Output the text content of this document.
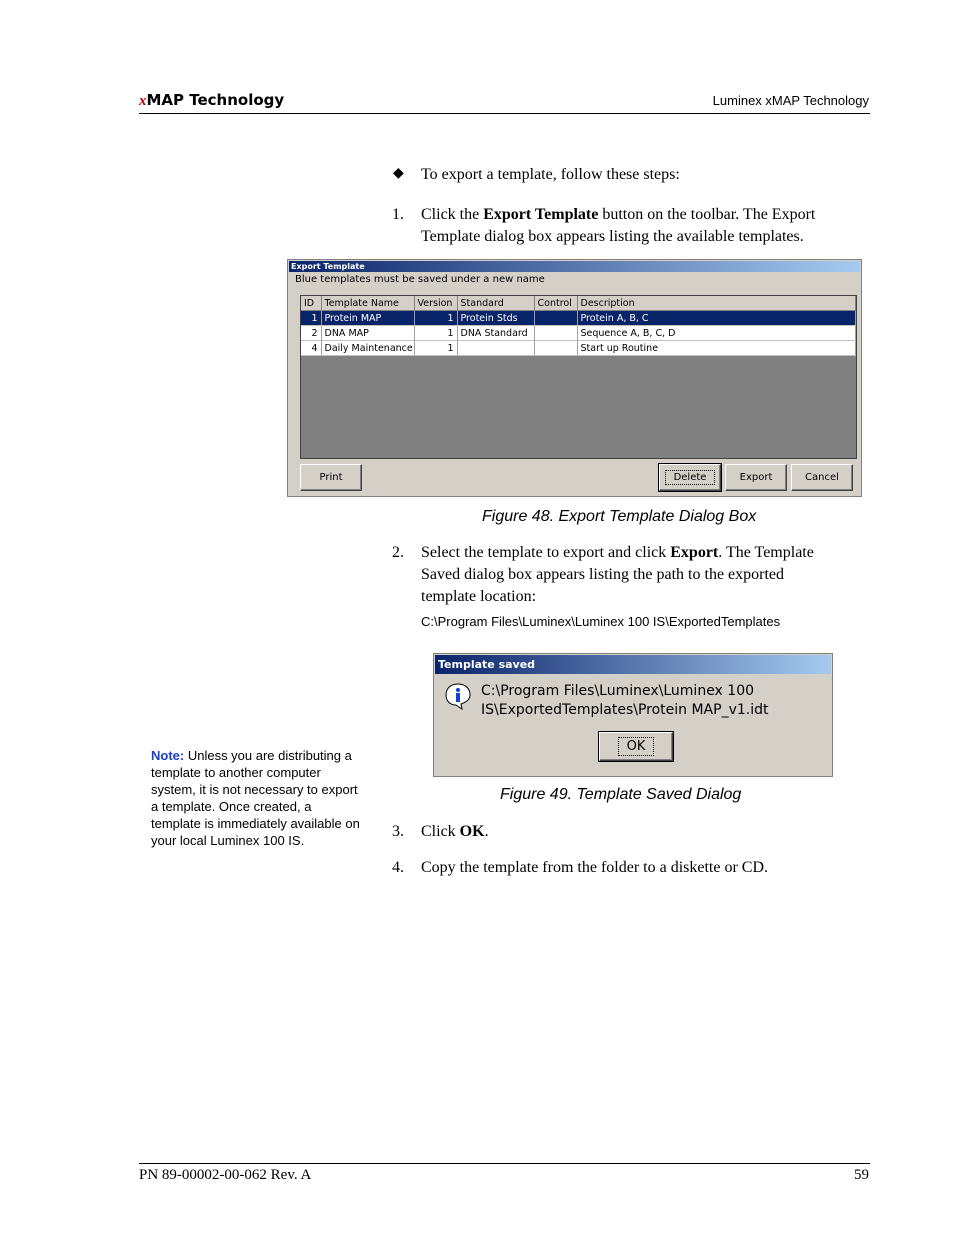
xMAP Technology	Luminex xMAP Technology
◆ To export a template, follow these steps:
1.	Click the Export Template button on the toolbar. The Export
Template dialog box appears listing the available templates.
Export Template
Blue templates must be saved under a new name
ID	Template Name	Version	Standard	Control	Description
1	Protein MAP	1	Protein Stds		Protein A, B, C
2	DNA MAP	1	DNA Standard		Sequence A, B, C, D
4	Daily Maintenance	1			Start up Routine
Print	Delete	Export	Cancel
Figure 48. Export Template Dialog Box
2.	Select the template to export and click Export. The Template
Saved dialog box appears listing the path to the exported
template location:
C:\Program Files\Luminex\Luminex 100 IS\ExportedTemplates
Template saved
C:\Program Files\Luminex\Luminex 100
IS\ExportedTemplates\Protein MAP_v1.idt
OK
Figure 49. Template Saved Dialog
Note: Unless you are distributing a template to another computer system, it is not necessary to export a template. Once created, a template is immediately available on your local Luminex 100 IS.
3.	Click OK.
4.	Copy the template from the folder to a diskette or CD.
PN 89-00002-00-062 Rev. A	59
